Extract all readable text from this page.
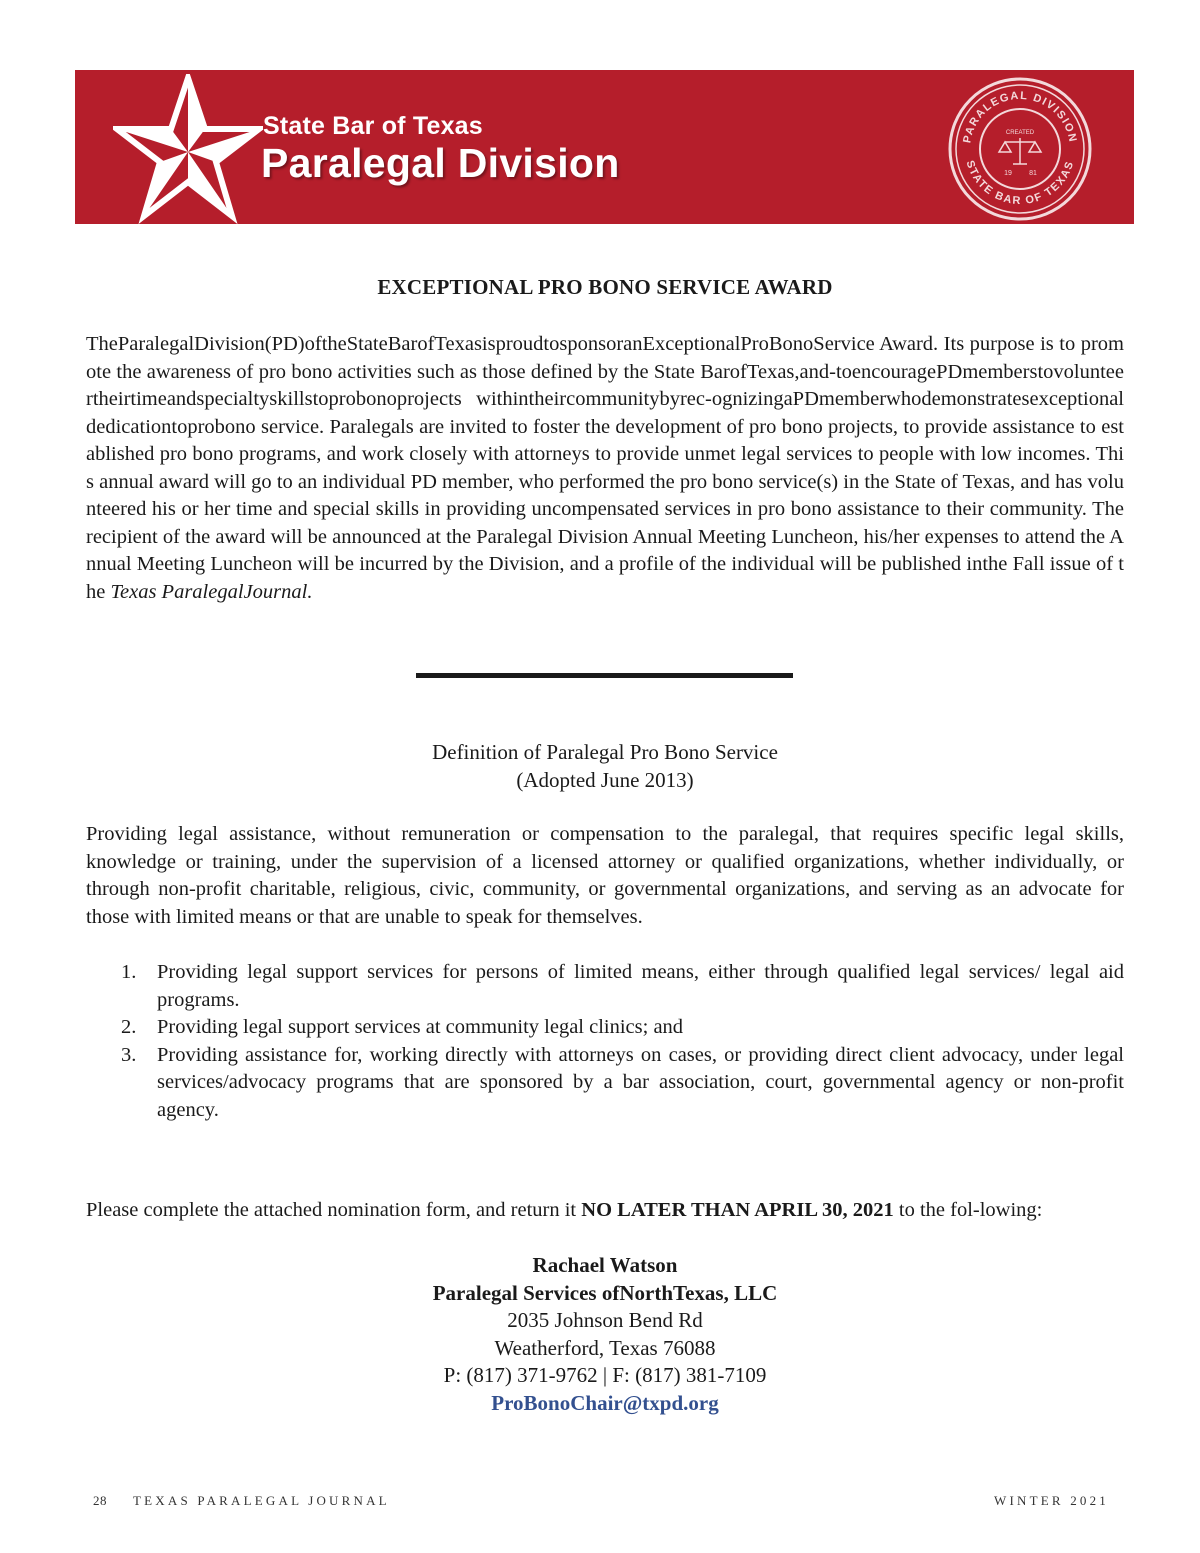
State Bar of Texas
Paralegal Division
PARALEGAL DIVISION
STATE BAR OF TEXAS
CREATED
19 81
EXCEPTIONAL PRO BONO SERVICE AWARD

TheParalegalDivision(PD)oftheStateBarofTexasisproudtosponsoranExceptionalProBonoService Award. Its purpose is to promote the awareness of pro bono activities such as those defined by the State BarofTexas,and-toencouragePDmemberstovolunteertheirtimeandspecialtyskillstoprobonoprojects withintheircommunitybyrec-ognizingaPDmemberwhodemonstratesexceptionaldedicationtoprobono service. Paralegals are invited to foster the development of pro bono projects, to provide assistance to established pro bono programs, and work closely with attorneys to provide unmet legal services to people with low incomes. This annual award will go to an individual PD member, who performed the pro bono service(s) in the State of Texas, and has volunteered his or her time and special skills in providing uncompensated services in pro bono assistance to their community. The recipient of the award will be announced at the Paralegal Division Annual Meeting Luncheon, his/her expenses to attend the Annual Meeting Luncheon will be incurred by the Division, and a profile of the individual will be published inthe Fall issue of the Texas ParalegalJournal.

Definition of Paralegal Pro Bono Service
(Adopted June 2013)

Providing legal assistance, without remuneration or compensation to the paralegal, that requires specific legal skills, knowledge or training, under the supervision of a licensed attorney or qualified organizations, whether individually, or through non-profit charitable, religious, civic, community, or governmental organizations, and serving as an advocate for those with limited means or that are unable to speak for themselves.

1. Providing legal support services for persons of limited means, either through qualified legal services/ legal aid programs.
2. Providing legal support services at community legal clinics; and
3. Providing assistance for, working directly with attorneys on cases, or providing direct client advocacy, under legal services/advocacy programs that are sponsored by a bar association, court, governmental agency or non-profit agency.

Please complete the attached nomination form, and return it NO LATER THAN APRIL 30, 2021 to the fol-lowing:

Rachael Watson
Paralegal Services ofNorthTexas, LLC
2035 Johnson Bend Rd
Weatherford, Texas 76088
P: (817) 371-9762 | F: (817) 381-7109
ProBonoChair@txpd.org
28 TEXAS PARALEGAL JOURNAL	WINTER 2021
